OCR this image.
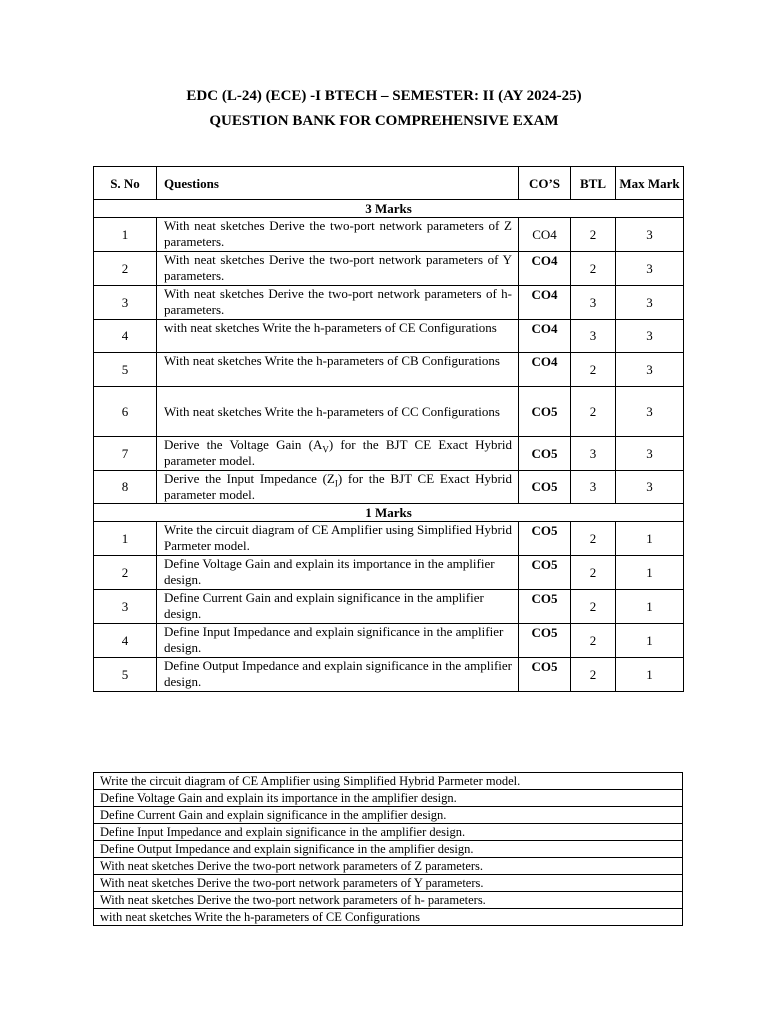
EDC (L-24) (ECE) -I BTECH – SEMESTER: II (AY 2024-25)
QUESTION BANK FOR COMPREHENSIVE EXAM
S. No	Questions	CO’S	BTL	Max Mark
3 Marks				
1	With neat sketches Derive the two-port network parameters of Z parameters.	CO4	2	3
2	With neat sketches Derive the two-port network parameters of Y parameters.	CO4	2	3
3	With neat sketches Derive the two-port network parameters of h- parameters.	CO4	3	3
4	with neat sketches Write the h-parameters of CE Configurations	CO4	3	3
5	With neat sketches Write the h-parameters of CB Configurations	CO4	2	3
6	With neat sketches Write the h-parameters of CC Configurations	CO5	2	3
7	Derive the Voltage Gain $(A_V)$ for the BJT CE Exact Hybrid parameter model.	CO5	3	3
8	Derive the Input Impedance $(Z_I)$ for the BJT CE Exact Hybrid parameter model.	CO5	3	3
1 Marks				
1	Write the circuit diagram of CE Amplifier using Simplified Hybrid Parmeter model.	CO5	2	1
2	Define Voltage Gain and explain its importance in the amplifier design.	CO5	2	1
3	Define Current Gain and explain significance in the amplifier design.	CO5	2	1
4	Define Input Impedance and explain significance in the amplifier design.	CO5	2	1
5	Define Output Impedance and explain significance in the amplifier design.	CO5	2	1
Write the circuit diagram of CE Amplifier using Simplified Hybrid Parmeter model.
Define Voltage Gain and explain its importance in the amplifier design.
Define Current Gain and explain significance in the amplifier design.
Define Input Impedance and explain significance in the amplifier design.
Define Output Impedance and explain significance in the amplifier design.
With neat sketches Derive the two-port network parameters of Z parameters.
With neat sketches Derive the two-port network parameters of Y parameters.
With neat sketches Derive the two-port network parameters of h- parameters.
with neat sketches Write the h-parameters of CE Configurations
